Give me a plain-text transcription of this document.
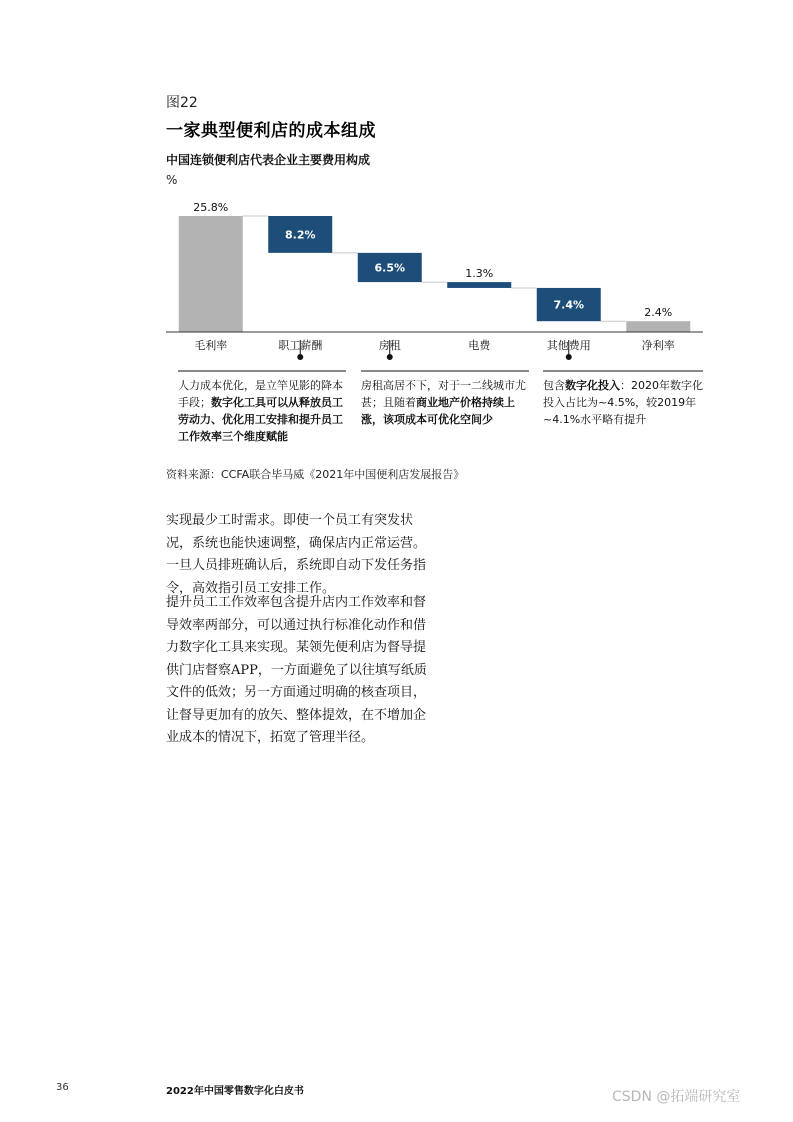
图22
一家典型便利店的成本组成
中国连锁便利店代表企业主要费用构成
%
25.8%
毛利率
8.2%
职工薪酬
6.5%
房租
1.3%
电费
7.4%
其他费用
2.4%
净利率
人力成本优化，是立竿见影的降本手段；数字化工具可以从释放员工劳动力、优化用工安排和提升员工工作效率三个维度赋能
房租高居不下，对于一二线城市尤甚；且随着商业地产价格持续上涨，该项成本可优化空间少
包含数字化投入：2020年数字化投入占比为~4.5%，较2019年~4.1%水平略有提升
资料来源：CCFA联合毕马威《2021年中国便利店发展报告》
实现最少工时需求。即使一个员工有突发状况，系统也能快速调整，确保店内正常运营。一旦人员排班确认后，系统即自动下发任务指令，高效指引员工安排工作。
提升员工工作效率包含提升店内工作效率和督导效率两部分，可以通过执行标准化动作和借力数字化工具来实现。某领先便利店为督导提供门店督察APP，一方面避免了以往填写纸质文件的低效；另一方面通过明确的核查项目，让督导更加有的放矢、整体提效，在不增加企业成本的情况下，拓宽了管理半径。
36	2022年中国零售数字化白皮书	CSDN @拓端研究室
